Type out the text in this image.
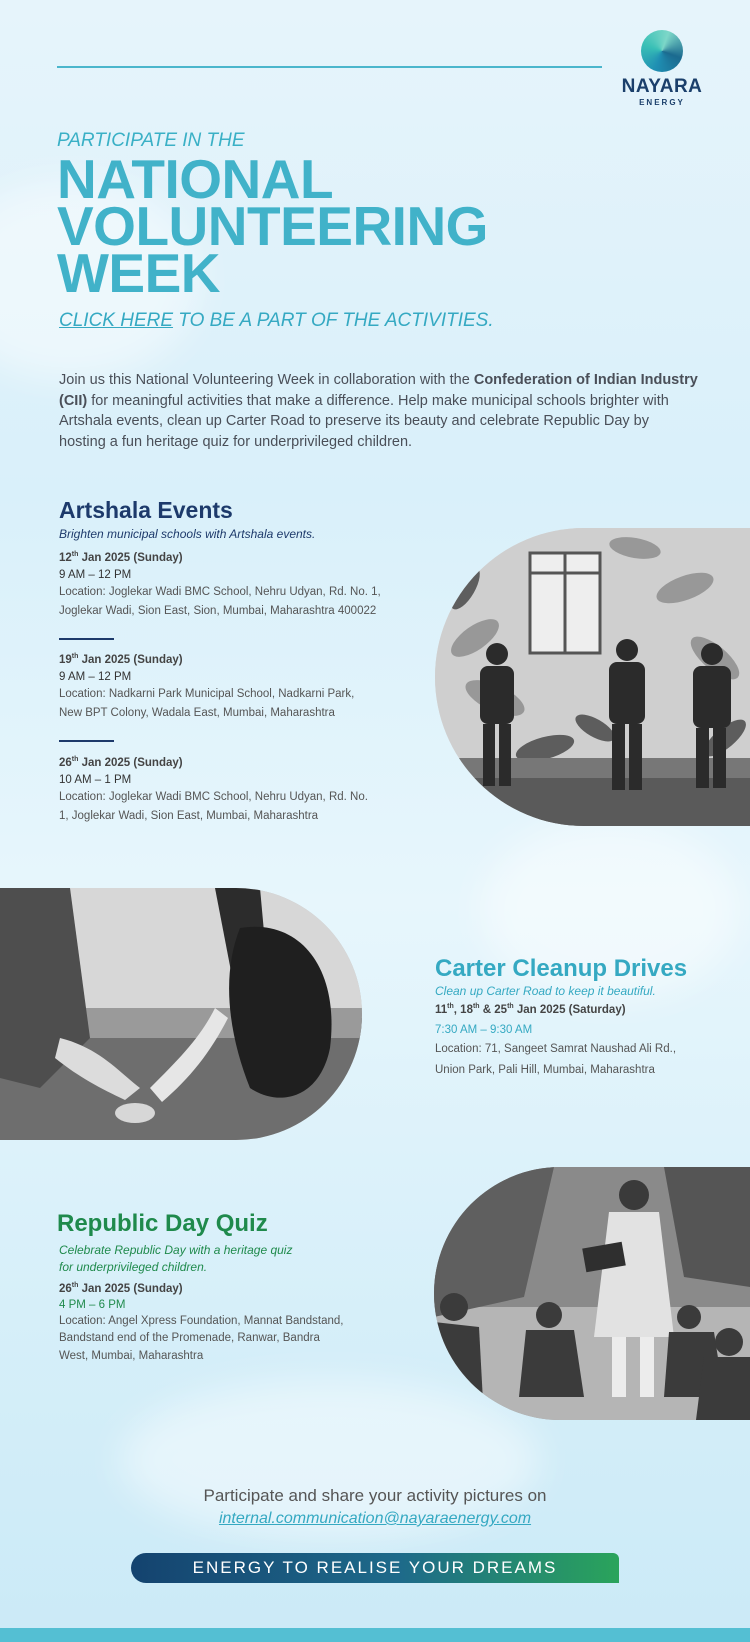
NAYARA
ENERGY
PARTICIPATE IN THE
NATIONAL
VOLUNTEERING
WEEK
CLICK HERE TO BE A PART OF THE ACTIVITIES.
Join us this National Volunteering Week in collaboration with the Confederation of Indian Industry (CII) for meaningful activities that make a difference. Help make municipal schools brighter with Artshala events, clean up Carter Road to preserve its beauty and celebrate Republic Day by hosting a fun heritage quiz for underprivileged children.
Artshala Events
Brighten municipal schools with Artshala events.
12th Jan 2025 (Sunday)
9 AM – 12 PM
Location: Joglekar Wadi BMC School, Nehru Udyan, Rd. No. 1,
Joglekar Wadi, Sion East, Sion, Mumbai, Maharashtra 400022
19th Jan 2025 (Sunday)
9 AM – 12 PM
Location: Nadkarni Park Municipal School, Nadkarni Park,
New BPT Colony, Wadala East, Mumbai, Maharashtra
26th Jan 2025 (Sunday)
10 AM – 1 PM
Location: Joglekar Wadi BMC School, Nehru Udyan, Rd. No.
1, Joglekar Wadi, Sion East, Mumbai, Maharashtra
Carter Cleanup Drives
Clean up Carter Road to keep it beautiful.
11th, 18th & 25th Jan 2025 (Saturday)
7:30 AM – 9:30 AM
Location: 71, Sangeet Samrat Naushad Ali Rd.,
Union Park, Pali Hill, Mumbai, Maharashtra
Republic Day Quiz
Celebrate Republic Day with a heritage quiz
for underprivileged children.
26th Jan 2025 (Sunday)
4 PM – 6 PM
Location: Angel Xpress Foundation, Mannat Bandstand,
Bandstand end of the Promenade, Ranwar, Bandra
West, Mumbai, Maharashtra
Participate and share your activity pictures on
internal.communication@nayaraenergy.com
ENERGY TO REALISE YOUR DREAMS
